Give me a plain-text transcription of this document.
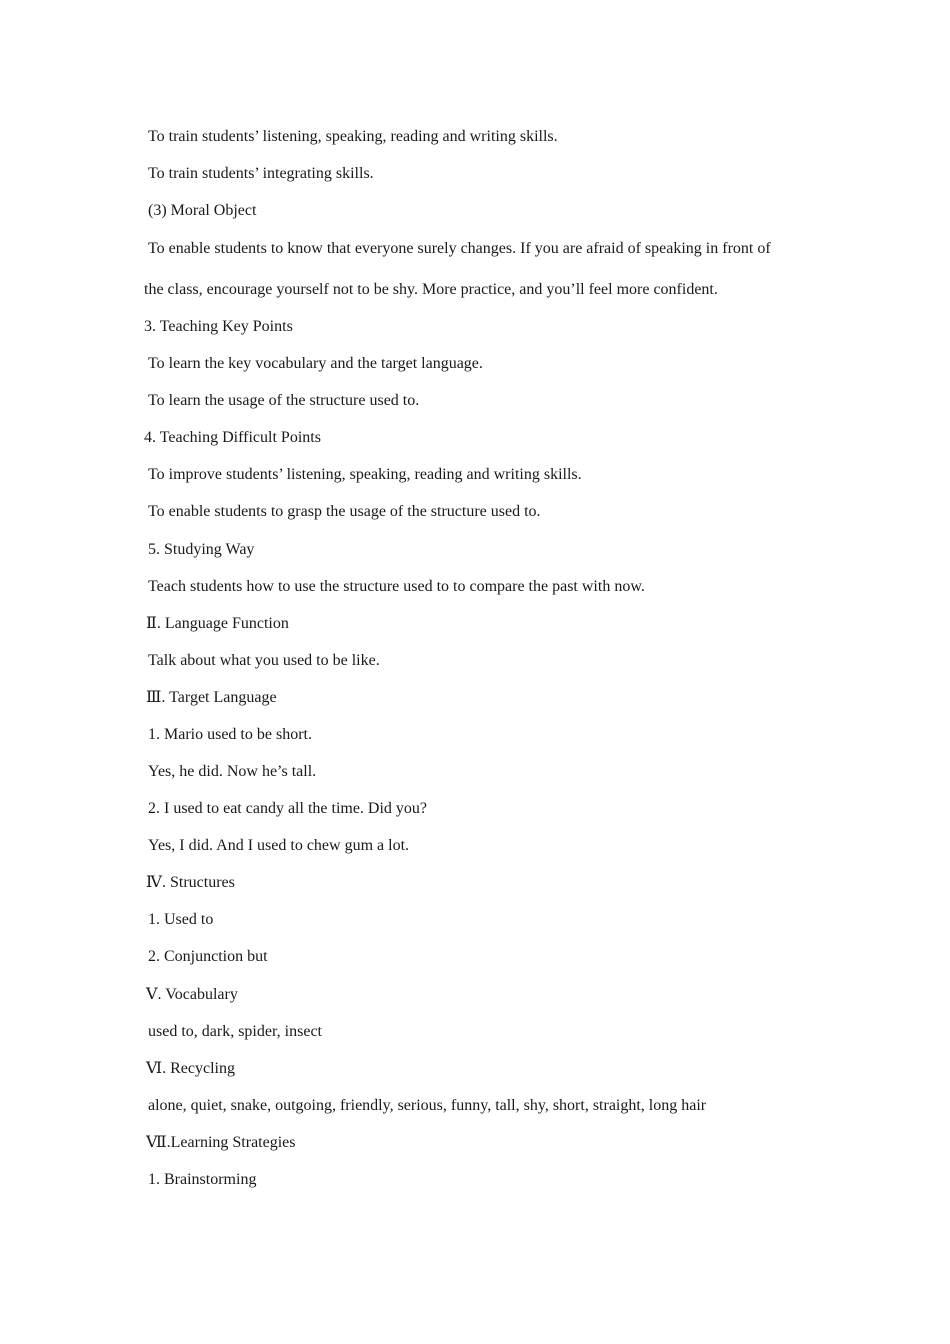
To train students’ listening, speaking, reading and writing skills.
To train students’ integrating skills.
(3) Moral Object
To enable students to know that everyone surely changes. If you are afraid of speaking in front of
the class, encourage yourself not to be shy. More practice, and you’ll feel more confident.
3. Teaching Key Points
To learn the key vocabulary and the target language.
To learn the usage of the structure used to.
4. Teaching Difficult Points
To improve students’ listening, speaking, reading and writing skills.
To enable students to grasp the usage of the structure used to.
5. Studying Way
Teach students how to use the structure used to to compare the past with now.
Ⅱ. Language Function
Talk about what you used to be like.
Ⅲ. Target Language
1. Mario used to be short.
Yes, he did. Now he’s tall.
2. I used to eat candy all the time. Did you?
Yes, I did. And I used to chew gum a lot.
Ⅳ. Structures
1. Used to
2. Conjunction but
Ⅴ. Vocabulary
used to, dark, spider, insect
Ⅵ. Recycling
alone, quiet, snake, outgoing, friendly, serious, funny, tall, shy, short, straight, long hair
Ⅶ.Learning Strategies
1. Brainstorming
